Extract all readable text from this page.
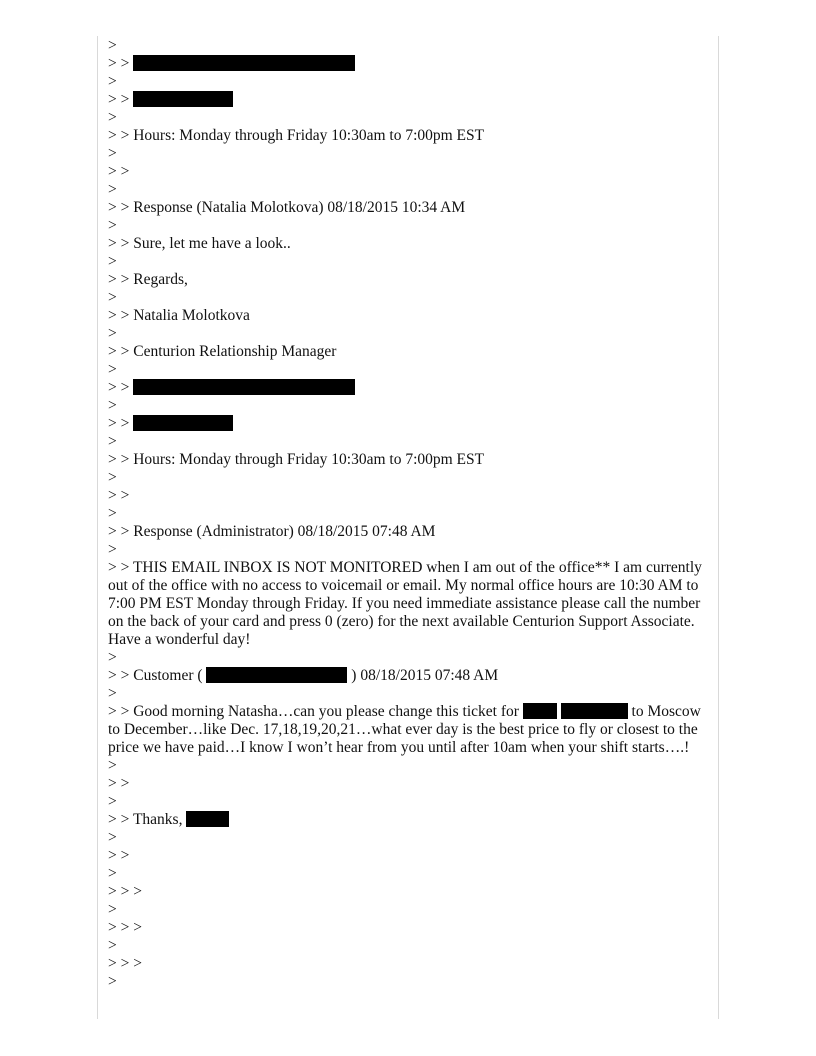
>
> >
>
> >
>
> > Hours: Monday through Friday 10:30am to 7:00pm EST
>
> >
>
> > Response (Natalia Molotkova) 08/18/2015 10:34 AM
>
> > Sure, let me have a look..
>
> > Regards,
>
> > Natalia Molotkova
>
> > Centurion Relationship Manager
>
> >
>
> >
>
> > Hours: Monday through Friday 10:30am to 7:00pm EST
>
> >
>
> > Response (Administrator) 08/18/2015 07:48 AM
>
> > THIS EMAIL INBOX IS NOT MONITORED when I am out of the office** I am currently out of the office with no access to voicemail or email. My normal office hours are 10:30 AM to 7:00 PM EST Monday through Friday. If you need immediate assistance please call the number on the back of your card and press 0 (zero) for the next available Centurion Support Associate. Have a wonderful day!
>
> > Customer (	) 08/18/2015 07:48 AM
>
> > Good morning Natasha…can you please change this ticket for	to Moscow to December…like Dec. 17,18,19,20,21…what ever day is the best price to fly or closest to the price we have paid…I know I won’t hear from you until after 10am when your shift starts….!
>
> >
>
> > Thanks,
>
> >
>
> > >
>
> > >
>
> > >
>
